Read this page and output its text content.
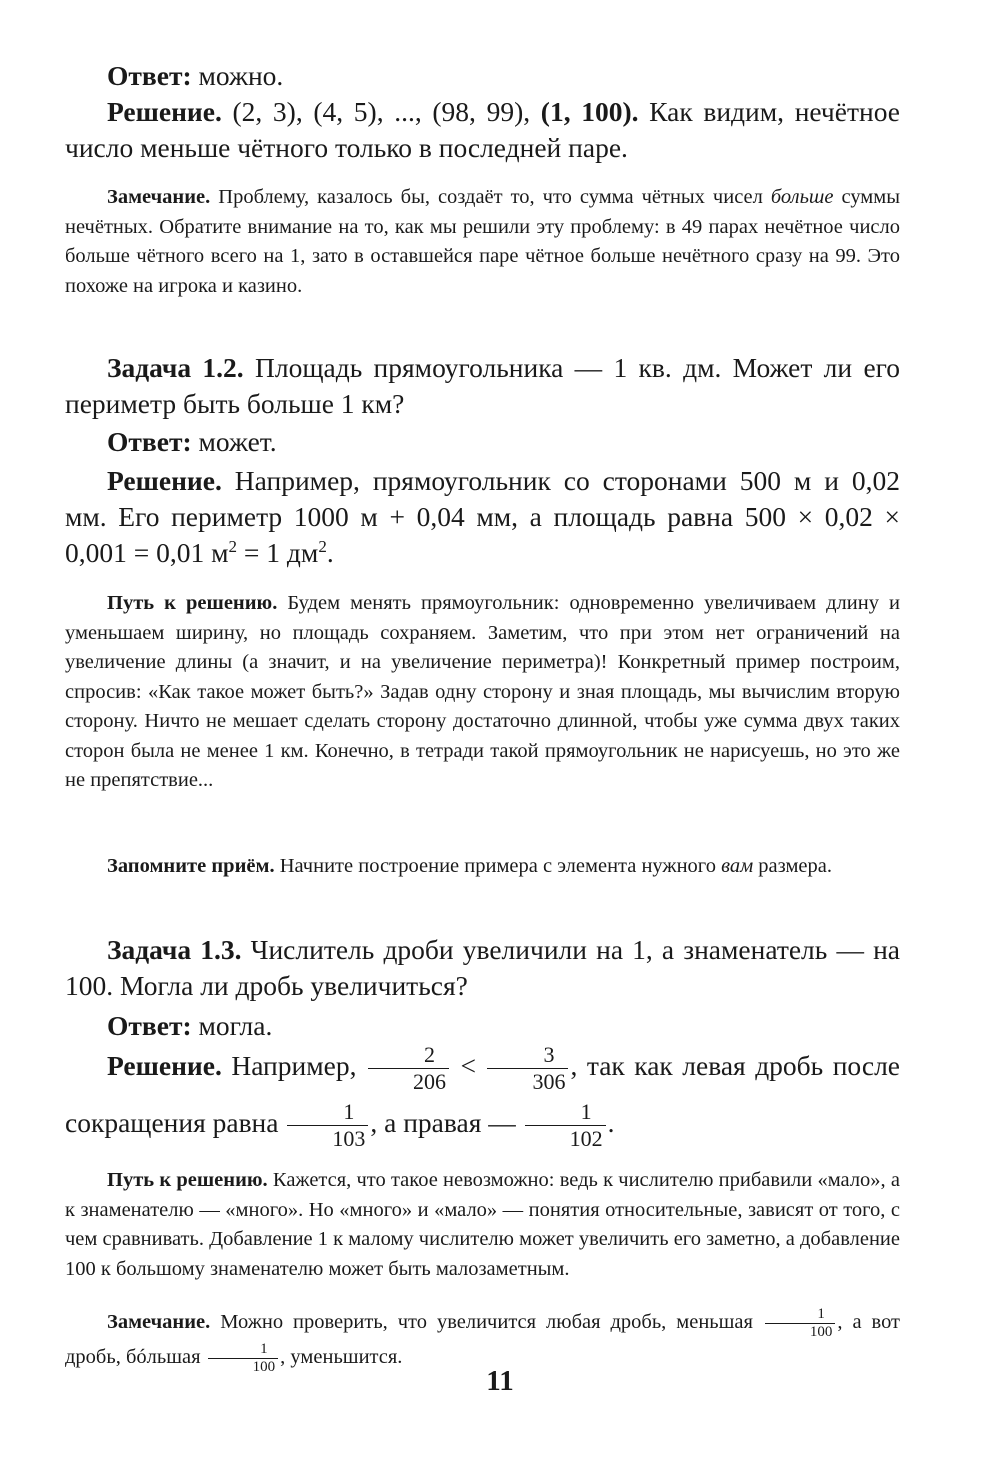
Ответ: можно.

Решение. (2, 3), (4, 5), ..., (98, 99), (1, 100). Как видим, нечётное число меньше чётного только в последней паре.

Замечание. Проблему, казалось бы, создаёт то, что сумма чётных чисел больше суммы нечётных. Обратите внимание на то, как мы решили эту проблему: в 49 парах нечётное число больше чётного всего на 1, зато в оставшейся паре чётное больше нечётного сразу на 99. Это похоже на игрока и казино.

Задача 1.2. Площадь прямоугольника — 1 кв. дм. Может ли его периметр быть больше 1 км?

Ответ: может.

Решение. Например, прямоугольник со сторонами 500 м и 0,02 мм. Его периметр 1000 м + 0,04 мм, а площадь равна 500 × 0,02 × 0,001 = 0,01 $м^2 = 1$ $дм^2$.

Путь к решению. Будем менять прямоугольник: одновременно увеличиваем длину и уменьшаем ширину, но площадь сохраняем. Заметим, что при этом нет ограничений на увеличение длины (а значит, и на увеличение периметра)! Конкретный пример построим, спросив: «Как такое может быть?» Задав одну сторону и зная площадь, мы вычислим вторую сторону. Ничто не мешает сделать сторону достаточно длинной, чтобы уже сумма двух таких сторон была не менее 1 км. Конечно, в тетради такой прямоугольник не нарисуешь, но это же не препятствие...

Запомните приём. Начните построение примера с элемента нужного вам размера.

Задача 1.3. Числитель дроби увеличили на 1, а знаменатель — на 100. Могла ли дробь увеличиться?

Ответ: могла.

Решение. Например, $\frac{2}{206} < \frac{3}{306}$ , так как левая дробь после сокращения равна $\frac{1}{103}$ , а правая — $\frac{1}{102}$ .

Путь к решению. Кажется, что такое невозможно: ведь к числителю прибавили «мало», а к знаменателю — «много». Но «много» и «мало» — понятия относительные, зависят от того, с чем сравнивать. Добавление 1 к малому числителю может увеличить его заметно, а добавление 100 к большому знаменателю может быть малозаметным.

Замечание. Можно проверить, что увеличится любая дробь, меньшая $\frac{1}{100}$ , а вот дробь, бóльшая $\frac{1}{100}$ , уменьшится.

11
